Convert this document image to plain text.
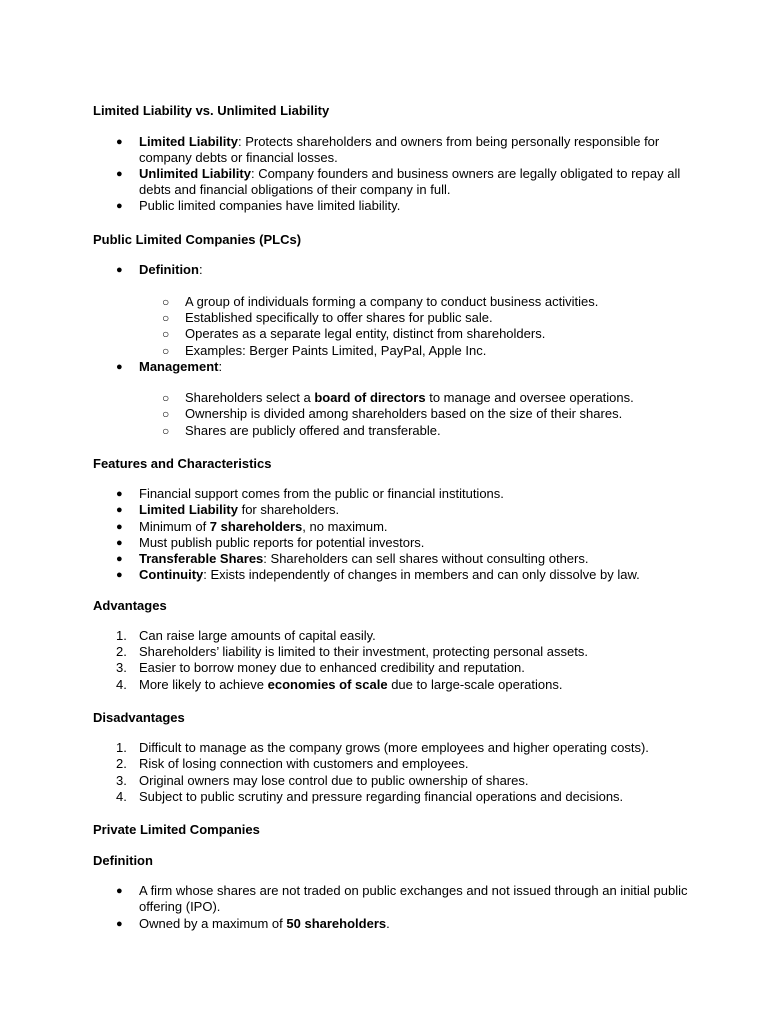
Limited Liability vs. Unlimited Liability
● Limited Liability: Protects shareholders and owners from being personally responsible for company debts or financial losses.
● Unlimited Liability: Company founders and business owners are legally obligated to repay all debts and financial obligations of their company in full.
● Public limited companies have limited liability.
Public Limited Companies (PLCs)
● Definition:
○ A group of individuals forming a company to conduct business activities.
○ Established specifically to offer shares for public sale.
○ Operates as a separate legal entity, distinct from shareholders.
○ Examples: Berger Paints Limited, PayPal, Apple Inc.
● Management:
○ Shareholders select a board of directors to manage and oversee operations.
○ Ownership is divided among shareholders based on the size of their shares.
○ Shares are publicly offered and transferable.
Features and Characteristics
● Financial support comes from the public or financial institutions.
● Limited Liability for shareholders.
● Minimum of 7 shareholders, no maximum.
● Must publish public reports for potential investors.
● Transferable Shares: Shareholders can sell shares without consulting others.
● Continuity: Exists independently of changes in members and can only dissolve by law.
Advantages
1. Can raise large amounts of capital easily.
2. Shareholders’ liability is limited to their investment, protecting personal assets.
3. Easier to borrow money due to enhanced credibility and reputation.
4. More likely to achieve economies of scale due to large-scale operations.
Disadvantages
1. Difficult to manage as the company grows (more employees and higher operating costs).
2. Risk of losing connection with customers and employees.
3. Original owners may lose control due to public ownership of shares.
4. Subject to public scrutiny and pressure regarding financial operations and decisions.
Private Limited Companies
Definition
● A firm whose shares are not traded on public exchanges and not issued through an initial public offering (IPO).
● Owned by a maximum of 50 shareholders.
